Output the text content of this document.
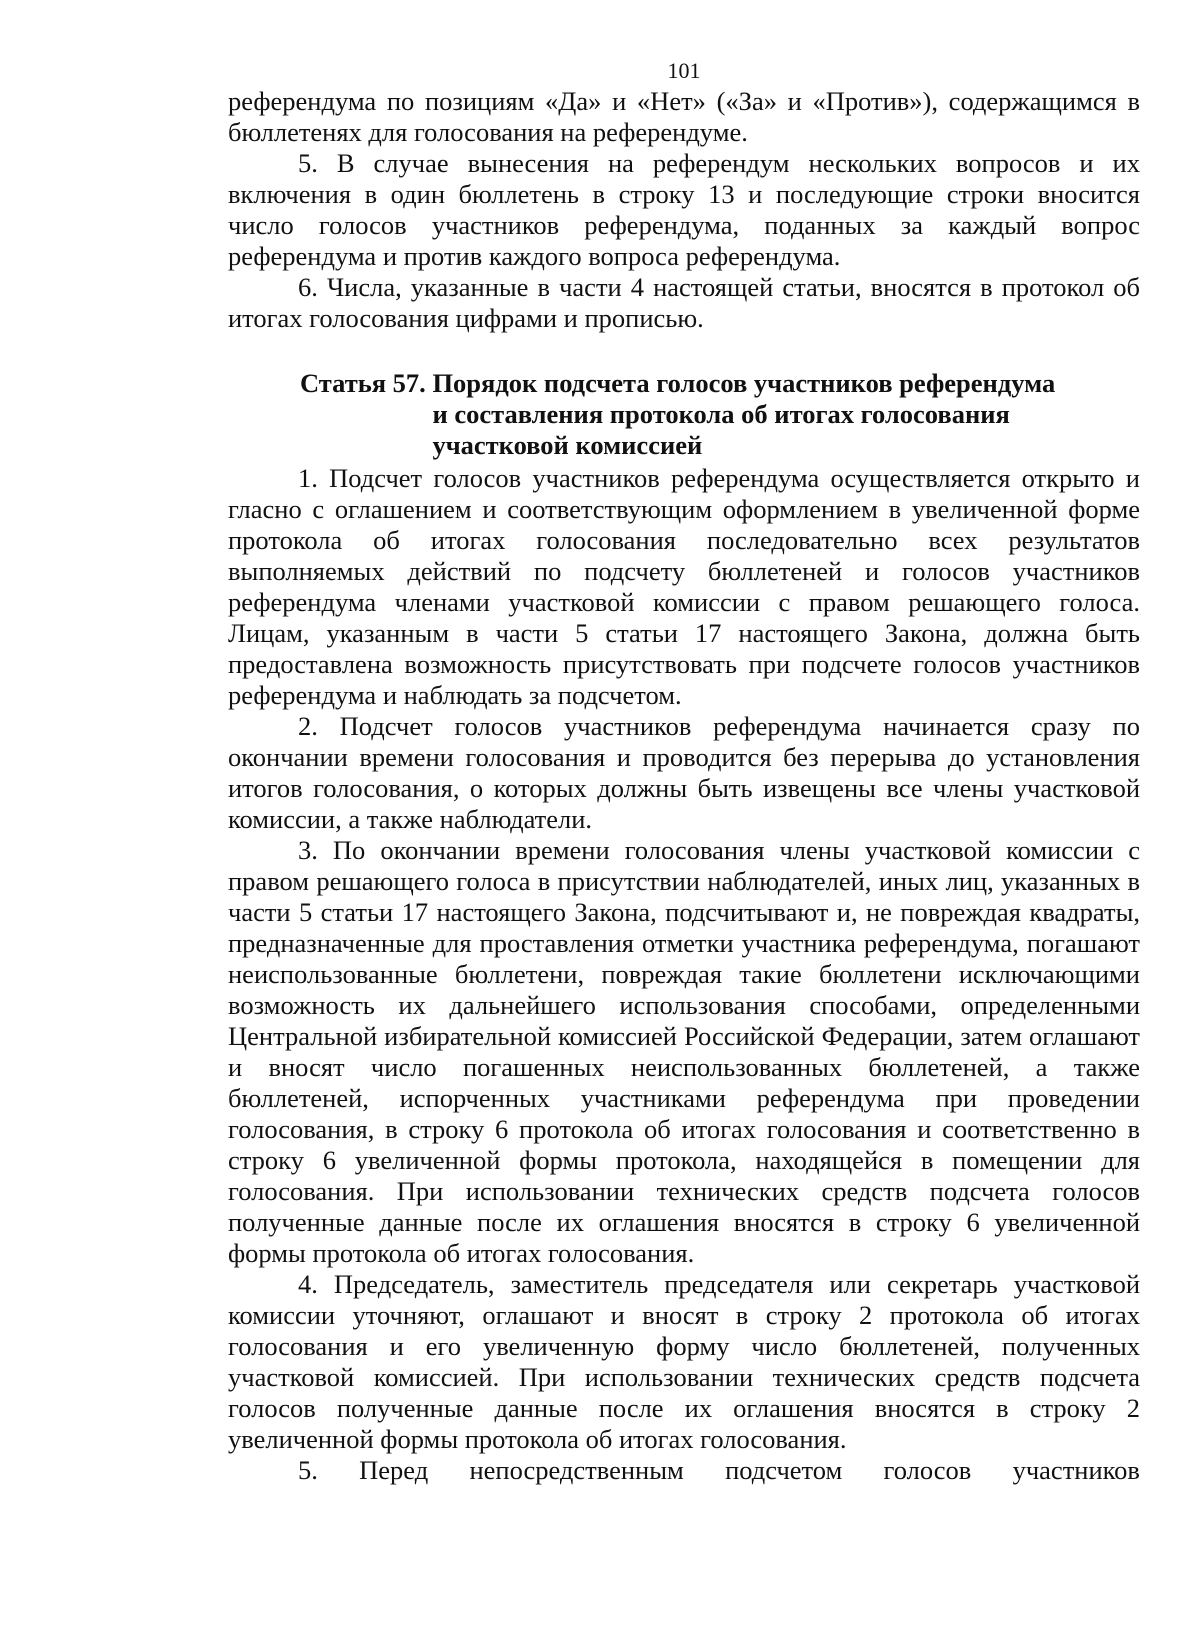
101

референдума по позициям «Да» и «Нет» («За» и «Против»), содержащимся в бюллетенях для голосования на референдуме.

5. В случае вынесения на референдум нескольких вопросов и их включения в один бюллетень в строку 13 и последующие строки вносится число голосов участников референдума, поданных за каждый вопрос референдума и против каждого вопроса референдума.

6. Числа, указанные в части 4 настоящей статьи, вносятся в протокол об итогах голосования цифрами и прописью.

Статья 57. Порядок подсчета голосов участников референдума
и составления протокола об итогах голосования
участковой комиссией

1. Подсчет голосов участников референдума осуществляется открыто и гласно с оглашением и соответствующим оформлением в увеличенной форме протокола об итогах голосования последовательно всех результатов выполняемых действий по подсчету бюллетеней и голосов участников референдума членами участковой комиссии с правом решающего голоса. Лицам, указанным в части 5 статьи 17 настоящего Закона, должна быть предоставлена возможность присутствовать при подсчете голосов участников референдума и наблюдать за подсчетом.

2. Подсчет голосов участников референдума начинается сразу по окончании времени голосования и проводится без перерыва до установления итогов голосования, о которых должны быть извещены все члены участковой комиссии, а также наблюдатели.

3. По окончании времени голосования члены участковой комиссии с правом решающего голоса в присутствии наблюдателей, иных лиц, указанных в части 5 статьи 17 настоящего Закона, подсчитывают и, не повреждая квадраты, предназначенные для проставления отметки участника референдума, погашают неиспользованные бюллетени, повреждая такие бюллетени исключающими возможность их дальнейшего использования способами, определенными Центральной избирательной комиссией Российской Федерации, затем оглашают и вносят число погашенных неиспользованных бюллетеней, а также бюллетеней, испорченных участниками референдума при проведении голосования, в строку 6 протокола об итогах голосования и соответственно в строку 6 увеличенной формы протокола, находящейся в помещении для голосования. При использовании технических средств подсчета голосов полученные данные после их оглашения вносятся в строку 6 увеличенной формы протокола об итогах голосования.

4. Председатель, заместитель председателя или секретарь участковой комиссии уточняют, оглашают и вносят в строку 2 протокола об итогах голосования и его увеличенную форму число бюллетеней, полученных участковой комиссией. При использовании технических средств подсчета голосов полученные данные после их оглашения вносятся в строку 2 увеличенной формы протокола об итогах голосования.

5. Перед непосредственным подсчетом голосов участников
